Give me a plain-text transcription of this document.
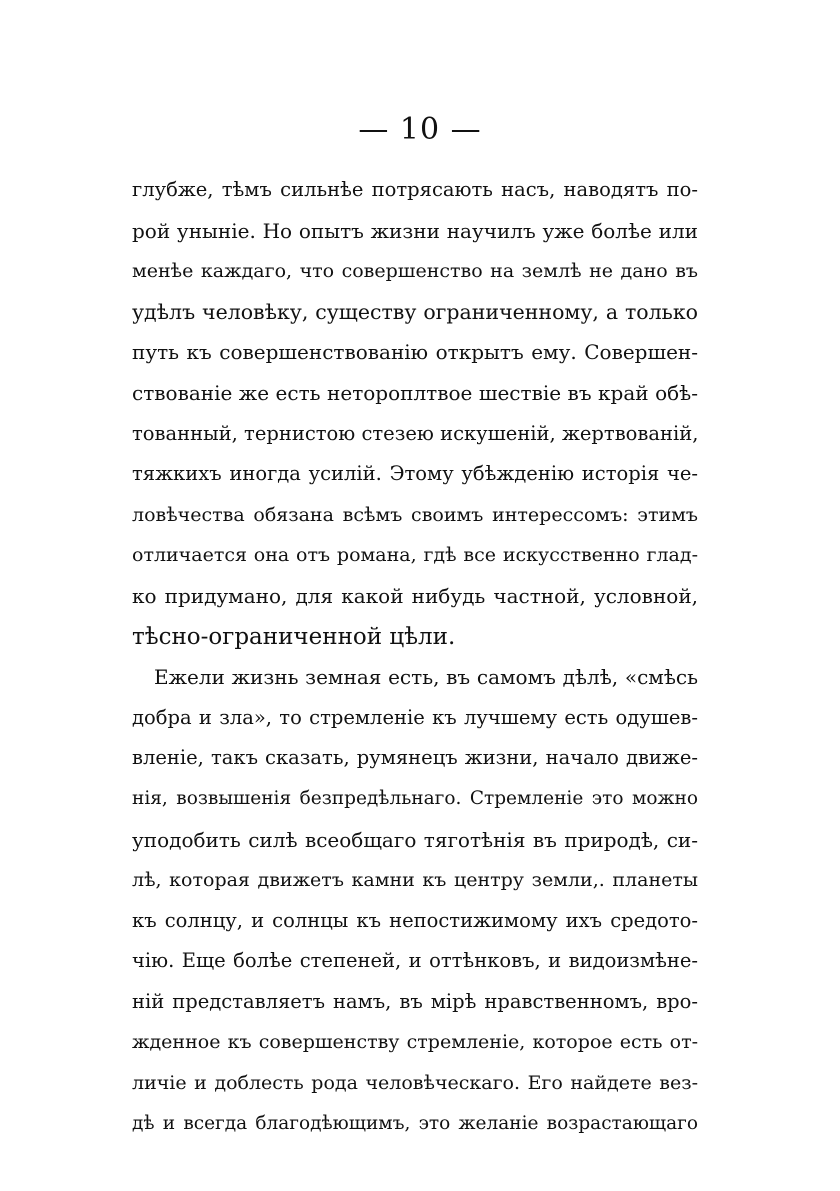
— 10 —
глубже, тѣмъ сильнѣе потрясають насъ, наводятъ по-
рой уныніе. Но опытъ жизни научилъ уже болѣе или
менѣе каждаго, что совершенство на землѣ не дано въ
удѣлъ человѣку, существу ограниченному, а только
путь къ совершенствованію открытъ ему. Совершен-
ствованіе же есть нетороплтвое шествіе въ край обѣ-
тованный, тернистою стезею искушеній, жертвованій,
тяжкихъ иногда усилій. Этому убѣжденію исторія че-
ловѣчества обязана всѣмъ своимъ интерессомъ: этимъ
отличается она отъ романа, гдѣ все искусственно глад-
ко придумано, для какой нибудь частной, условной,
тѣсно-ограниченной цѣли.
Ежели жизнь земная есть, въ самомъ дѣлѣ, «смѣсь
добра и зла», то стремленіе къ лучшему есть одушев-
вленіе, такъ сказать, румянецъ жизни, начало движе-
нія, возвышенія безпредѣльнаго. Стремленіе это можно
уподобить силѣ всеобщаго тяготѣнія въ природѣ, си-
лѣ, которая движетъ камни къ центру земли,. планеты
къ солнцу, и солнцы къ непостижимому ихъ средото-
чію. Еще болѣе степеней, и оттѣнковъ, и видоизмѣне-
ній представляетъ намъ, въ мірѣ нравственномъ, вро-
жденное къ совершенству стремленіе, которое есть от-
личіе и доблесть рода человѣческаго. Его найдете вез-
дѣ и всегда благодѣющимъ, это желаніе возрастающаго
